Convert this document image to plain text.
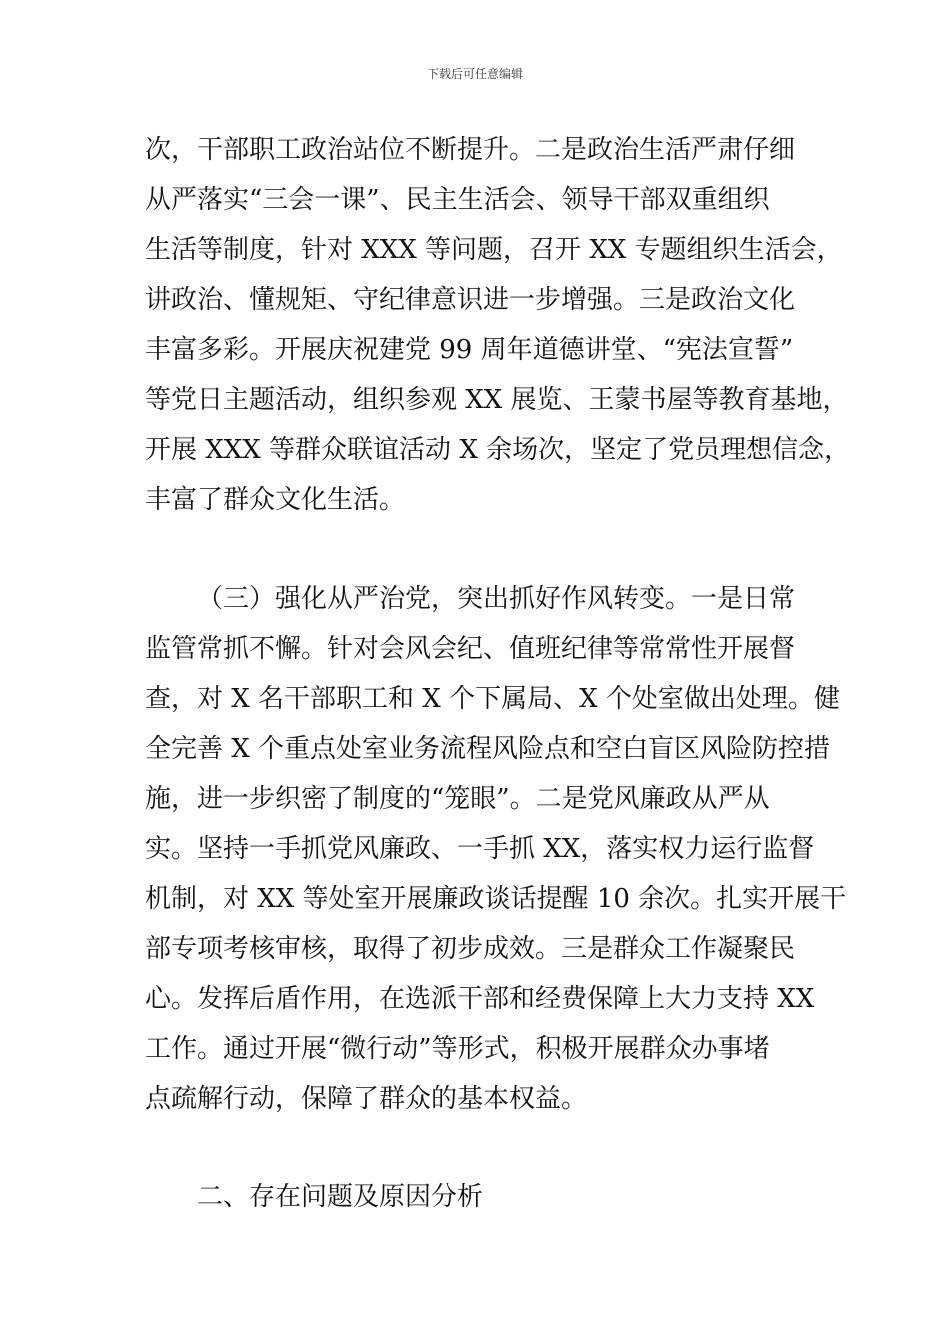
下载后可任意编辑
次，干部职工政治站位不断提升。二是政治生活严肃仔细
从严落实“三会一课”、民主生活会、领导干部双重组织
生活等制度，针对 XXX 等问题，召开 XX 专题组织生活会，
讲政治、懂规矩、守纪律意识进一步增强。三是政治文化
丰富多彩。开展庆祝建党 99 周年道德讲堂、“宪法宣誓”
等党日主题活动，组织参观 XX 展览、王蒙书屋等教育基地，
开展 XXX 等群众联谊活动 X 余场次，坚定了党员理想信念，
丰富了群众文化生活。
（三）强化从严治党，突出抓好作风转变。一是日常
监管常抓不懈。针对会风会纪、值班纪律等常常性开展督
查，对 X 名干部职工和 X 个下属局、X 个处室做出处理。健
全完善 X 个重点处室业务流程风险点和空白盲区风险防控措
施，进一步织密了制度的“笼眼”。二是党风廉政从严从
实。坚持一手抓党风廉政、一手抓 XX，落实权力运行监督
机制，对 XX 等处室开展廉政谈话提醒 10 余次。扎实开展干
部专项考核审核，取得了初步成效。三是群众工作凝聚民
心。发挥后盾作用，在选派干部和经费保障上大力支持 XX
工作。通过开展“微行动”等形式，积极开展群众办事堵
点疏解行动，保障了群众的基本权益。
二、存在问题及原因分析
